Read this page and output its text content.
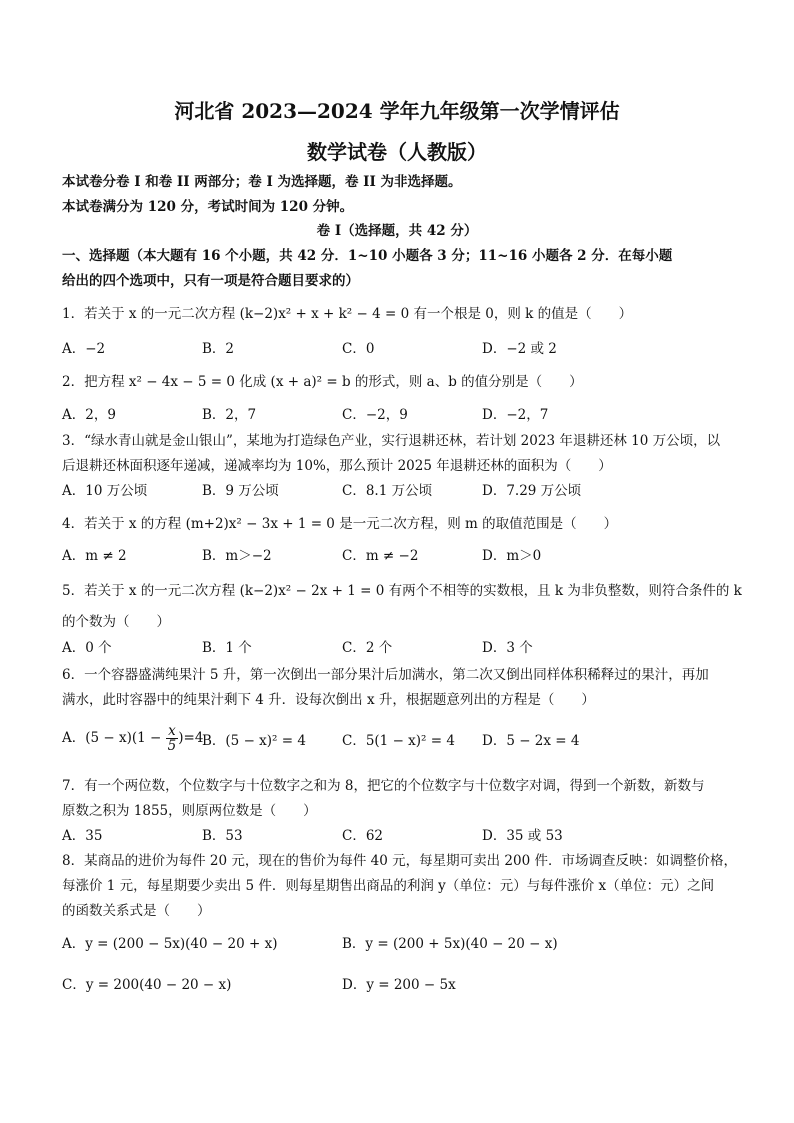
河北省 2023—2024 学年九年级第一次学情评估
数学试卷（人教版）
本试卷分卷 I 和卷 II 两部分；卷 I 为选择题，卷 II 为非选择题。
本试卷满分为 120 分，考试时间为 120 分钟。
卷 I（选择题，共 42 分）
一、选择题（本大题有 16 个小题，共 42 分．1~10 小题各 3 分；11~16 小题各 2 分．在每小题
给出的四个选项中，只有一项是符合题目要求的）
1．若关于 x 的一元二次方程 (k−2)x² + x + k² − 4 = 0 有一个根是 0，则 k 的值是（　　）
A．−2	B．2	C．0	D．−2 或 2
2．把方程 x² − 4x − 5 = 0 化成 (x + a)² = b 的形式，则 a、b 的值分别是（　　）
A．2，9	B．2，7	C．−2，9	D．−2，7
3．“绿水青山就是金山银山”，某地为打造绿色产业，实行退耕还林，若计划 2023 年退耕还林 10 万公顷，以
后退耕还林面积逐年递减，递减率均为 10%，那么预计 2025 年退耕还林的面积为（　　）
A．10 万公顷	B．9 万公顷	C．8.1 万公顷	D．7.29 万公顷
4．若关于 x 的方程 (m+2)x² − 3x + 1 = 0 是一元二次方程，则 m 的取值范围是（　　）
A．m ≠ 2	B．m＞−2	C．m ≠ −2	D．m＞0
5．若关于 x 的一元二次方程 (k−2)x² − 2x + 1 = 0 有两个不相等的实数根，且 k 为非负整数，则符合条件的 k
的个数为（　　）
A．0 个	B．1 个	C．2 个	D．3 个
6．一个容器盛满纯果汁 5 升，第一次倒出一部分果汁后加满水，第二次又倒出同样体积稀释过的果汁，再加
满水，此时容器中的纯果汁剩下 4 升．设每次倒出 x 升，根据题意列出的方程是（　　）
A．$(5 - x)(1 - \frac{x}{5} )=4$
B．(5 − x)² = 4	C．5(1 − x)² = 4 D．5 − 2x = 4
7．有一个两位数，个位数字与十位数字之和为 8，把它的个位数字与十位数字对调，得到一个新数，新数与
原数之积为 1855，则原两位数是（　　）
A．35	B．53	C．62	D．35 或 53
8．某商品的进价为每件 20 元，现在的售价为每件 40 元，每星期可卖出 200 件．市场调查反映：如调整价格，
每涨价 1 元，每星期要少卖出 5 件．则每星期售出商品的利润 y（单位：元）与每件涨价 x（单位：元）之间
的函数关系式是（　　）
A．y = (200 − 5x)(40 − 20 + x)	B．y = (200 + 5x)(40 − 20 − x)
C．y = 200(40 − 20 − x)	D．y = 200 − 5x
